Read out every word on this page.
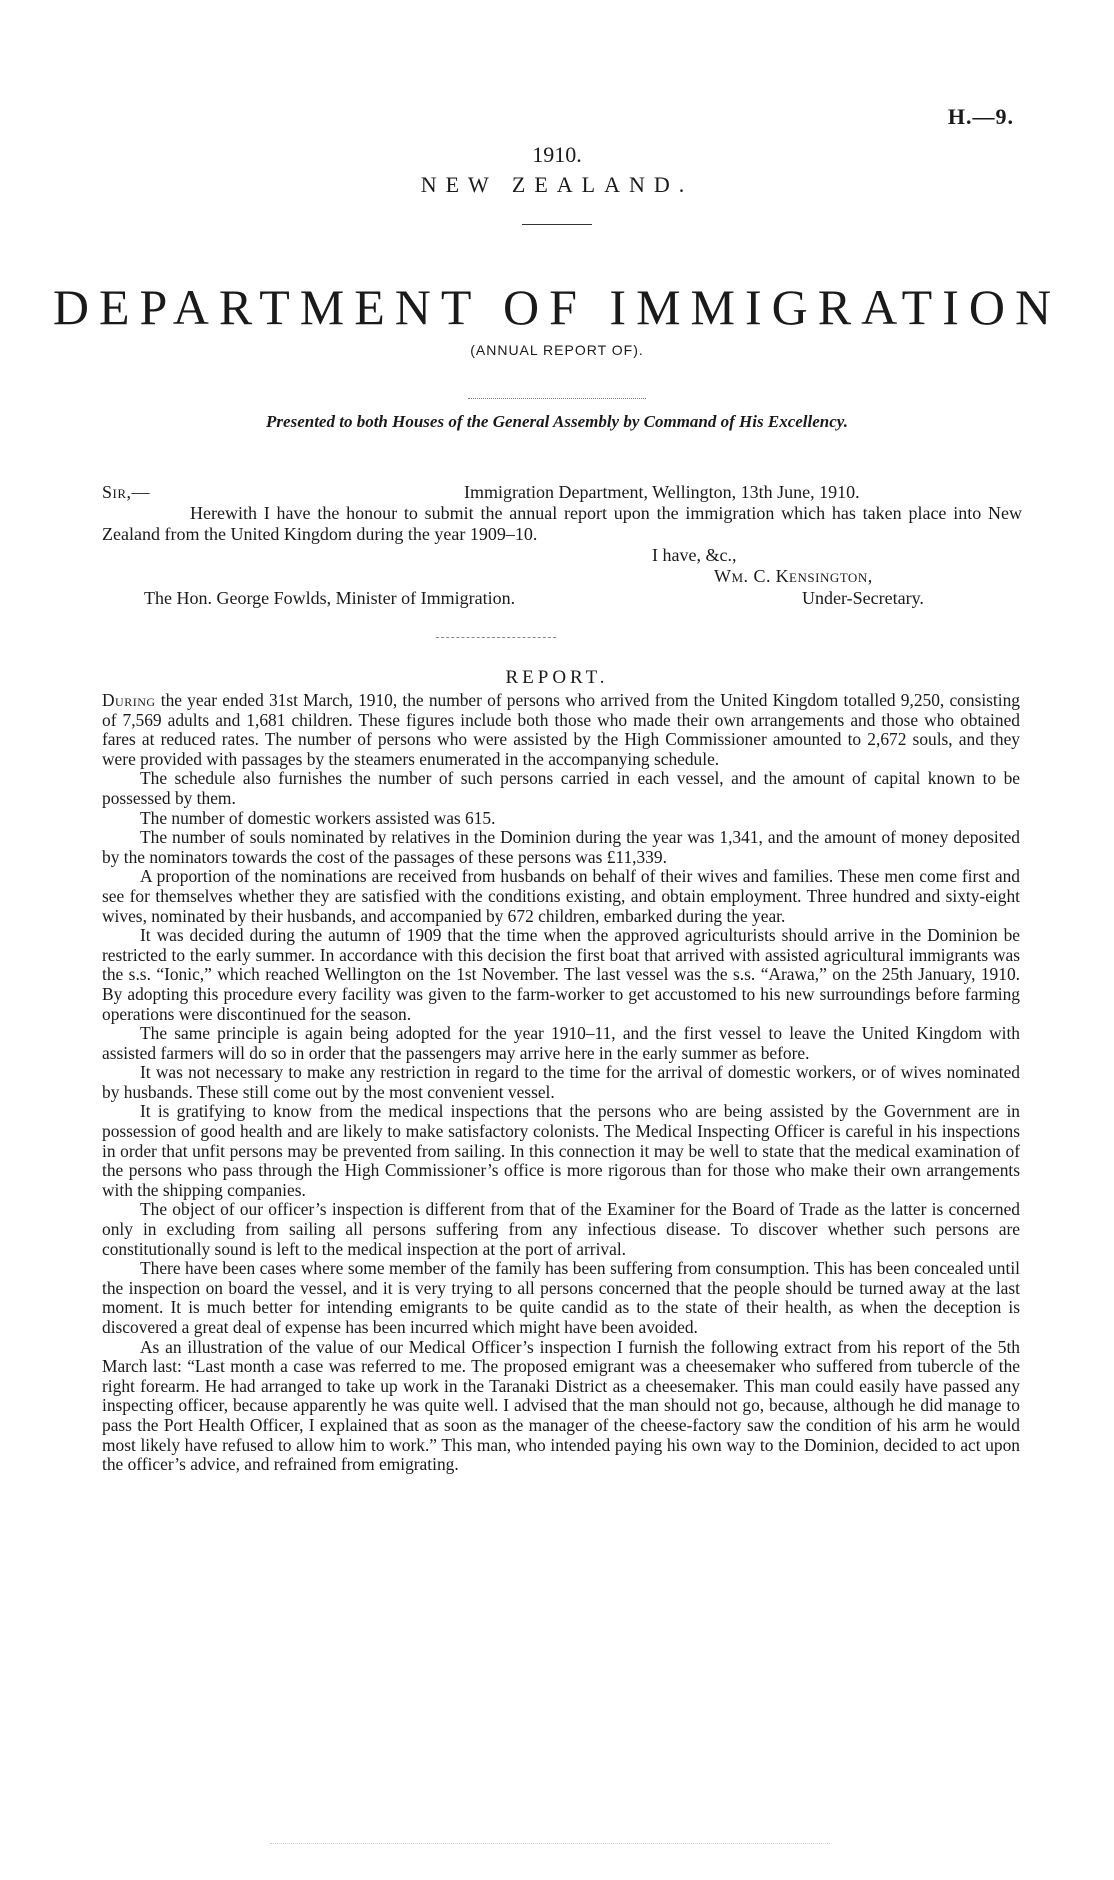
H.—9.
1910.
NEW ZEALAND.
DEPARTMENT OF IMMIGRATION
(ANNUAL REPORT OF).
Presented to both Houses of the General Assembly by Command of His Excellency.
Sir,—	Immigration Department, Wellington, 13th June, 1910.
Herewith I have the honour to submit the annual report upon the immigration which has taken place into New Zealand from the United Kingdom during the year 1909–10.
I have, &c.,
Wm. C. Kensington,
The Hon. George Fowlds, Minister of Immigration.	Under-Secretary.
REPORT.

During the year ended 31st March, 1910, the number of persons who arrived from the United Kingdom totalled 9,250, consisting of 7,569 adults and 1,681 children. These figures include both those who made their own arrangements and those who obtained fares at reduced rates. The number of persons who were assisted by the High Commissioner amounted to 2,672 souls, and they were provided with passages by the steamers enumerated in the accompanying schedule.

The schedule also furnishes the number of such persons carried in each vessel, and the amount of capital known to be possessed by them.

The number of domestic workers assisted was 615.

The number of souls nominated by relatives in the Dominion during the year was 1,341, and the amount of money deposited by the nominators towards the cost of the passages of these persons was £11,339.

A proportion of the nominations are received from husbands on behalf of their wives and families. These men come first and see for themselves whether they are satisfied with the conditions existing, and obtain employment. Three hundred and sixty-eight wives, nominated by their husbands, and accompanied by 672 children, embarked during the year.

It was decided during the autumn of 1909 that the time when the approved agriculturists should arrive in the Dominion be restricted to the early summer. In accordance with this decision the first boat that arrived with assisted agricultural immigrants was the s.s. “Ionic,” which reached Wellington on the 1st November. The last vessel was the s.s. “Arawa,” on the 25th January, 1910. By adopting this procedure every facility was given to the farm-worker to get accustomed to his new surroundings before farming operations were discontinued for the season.

The same principle is again being adopted for the year 1910–11, and the first vessel to leave the United Kingdom with assisted farmers will do so in order that the passengers may arrive here in the early summer as before.

It was not necessary to make any restriction in regard to the time for the arrival of domestic workers, or of wives nominated by husbands. These still come out by the most convenient vessel.

It is gratifying to know from the medical inspections that the persons who are being assisted by the Government are in possession of good health and are likely to make satisfactory colonists. The Medical Inspecting Officer is careful in his inspections in order that unfit persons may be prevented from sailing. In this connection it may be well to state that the medical examination of the persons who pass through the High Commissioner’s office is more rigorous than for those who make their own arrangements with the shipping companies.

The object of our officer’s inspection is different from that of the Examiner for the Board of Trade as the latter is concerned only in excluding from sailing all persons suffering from any infectious disease. To discover whether such persons are constitutionally sound is left to the medical inspection at the port of arrival.

There have been cases where some member of the family has been suffering from consumption. This has been concealed until the inspection on board the vessel, and it is very trying to all persons concerned that the people should be turned away at the last moment. It is much better for intending emigrants to be quite candid as to the state of their health, as when the deception is discovered a great deal of expense has been incurred which might have been avoided.

As an illustration of the value of our Medical Officer’s inspection I furnish the following extract from his report of the 5th March last: “Last month a case was referred to me. The proposed emigrant was a cheesemaker who suffered from tubercle of the right forearm. He had arranged to take up work in the Taranaki District as a cheesemaker. This man could easily have passed any inspecting officer, because apparently he was quite well. I advised that the man should not go, because, although he did manage to pass the Port Health Officer, I explained that as soon as the manager of the cheese-factory saw the condition of his arm he would most likely have refused to allow him to work.” This man, who intended paying his own way to the Dominion, decided to act upon the officer’s advice, and refrained from emigrating.
